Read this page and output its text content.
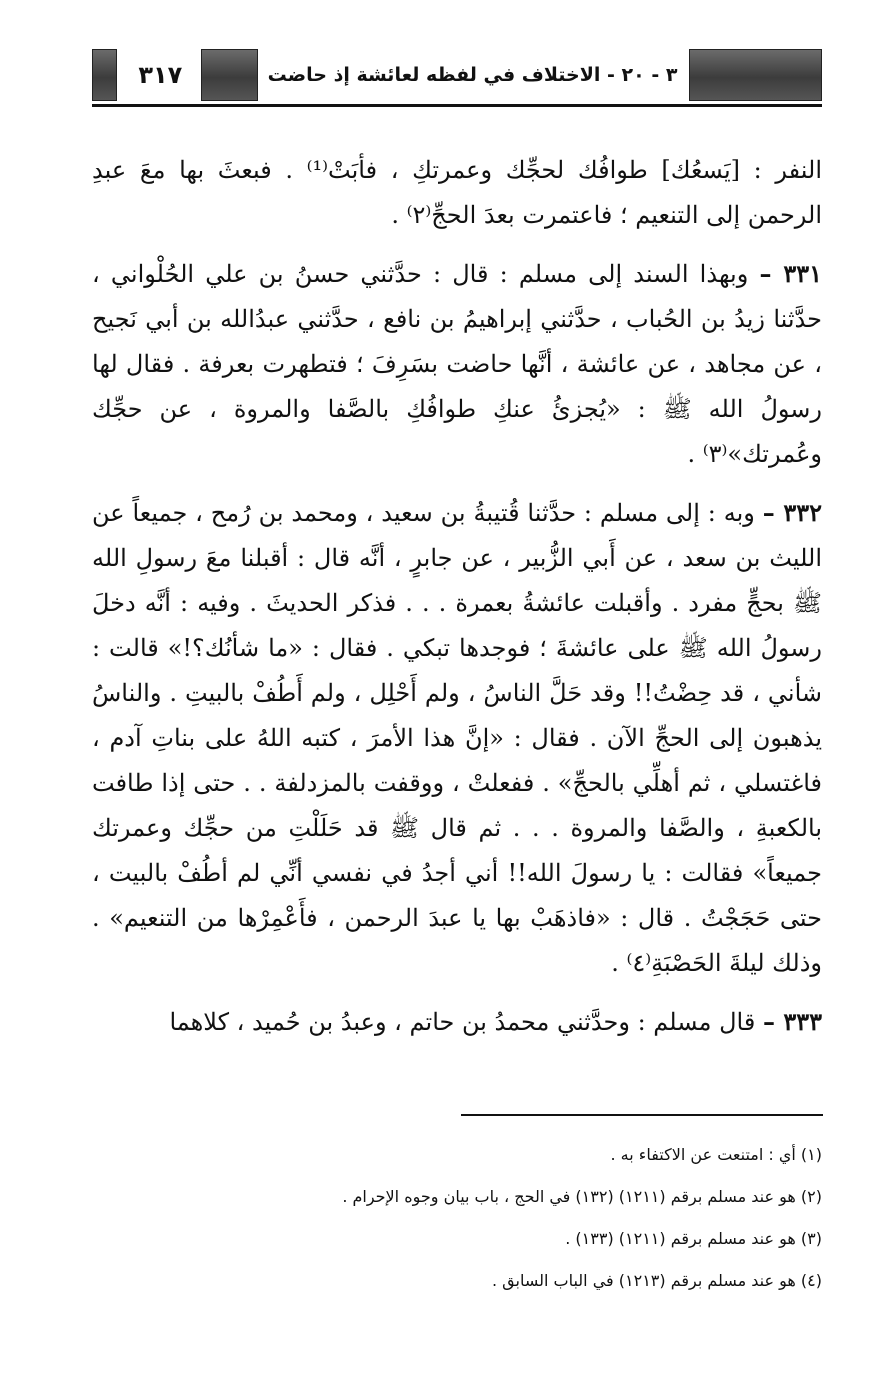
٣ - ٢٠ - الاختلاف في لفظه لعائشة إذ حاضت
٣١٧

النفر : [يَسعُك] طوافُك لحجِّك وعمرتكِ ، فأبَتْ⁽¹⁾ . فبعثَ بها معَ عبدِ الرحمن إلى التنعيم ؛ فاعتمرت بعدَ الحجِّ⁽٢⁾ .

٣٣١ – وبهذا السند إلى مسلم : قال : حدَّثني حسنُ بن علي الحُلْواني ، حدَّثنا زيدُ بن الحُباب ، حدَّثني إبراهيمُ بن نافع ، حدَّثني عبدُالله بن أبي نَجيح ، عن مجاهد ، عن عائشة ، أنَّها حاضت بسَرِفَ ؛ فتطهرت بعرفة . فقال لها رسولُ الله ﷺ : «يُجزئُ عنكِ طوافُكِ بالصَّفا والمروة ، عن حجِّك وعُمرتك»⁽٣⁾ .

٣٣٢ – وبه : إلى مسلم : حدَّثنا قُتيبةُ بن سعيد ، ومحمد بن رُمح ، جميعاً عن الليث بن سعد ، عن أَبي الزُّبير ، عن جابرٍ ، أنَّه قال : أقبلنا معَ رسولِ الله ﷺ بحجٍّ مفرد . وأقبلت عائشةُ بعمرة . . . فذكر الحديثَ . وفيه : أنَّه دخلَ رسولُ الله ﷺ على عائشةَ ؛ فوجدها تبكي . فقال : «ما شأنُك؟!» قالت : شأني ، قد حِضْتُ!! وقد حَلَّ الناسُ ، ولم أَحْلِل ، ولم أَطُفْ بالبيتِ . والناسُ يذهبون إلى الحجِّ الآن . فقال : «إنَّ هذا الأمرَ ، كتبه اللهُ على بناتِ آدم ، فاغتسلي ، ثم أهلِّي بالحجِّ» . ففعلتْ ، ووقفت بالمزدلفة . . حتى إذا طافت بالكعبةِ ، والصَّفا والمروة . . . ثم قال ﷺ قد حَلَلْتِ من حجِّك وعمرتك جميعاً» فقالت : يا رسولَ الله!! أني أجدُ في نفسي أنِّي لم أطُفْ بالبيت ، حتى حَجَجْتُ . قال : «فاذهَبْ بها يا عبدَ الرحمن ، فأَعْمِرْها من التنعيم» . وذلك ليلةَ الحَصْبَةِ⁽٤⁾ .

٣٣٣ – قال مسلم : وحدَّثني محمدُ بن حاتم ، وعبدُ بن حُميد ، كلاهما

(١) أي : امتنعت عن الاكتفاء به .
(٢) هو عند مسلم برقم (١٢١١) (١٣٢) في الحج ، باب بيان وجوه الإحرام .
(٣) هو عند مسلم برقم (١٢١١) (١٣٣) .
(٤) هو عند مسلم برقم (١٢١٣) في الباب السابق .
